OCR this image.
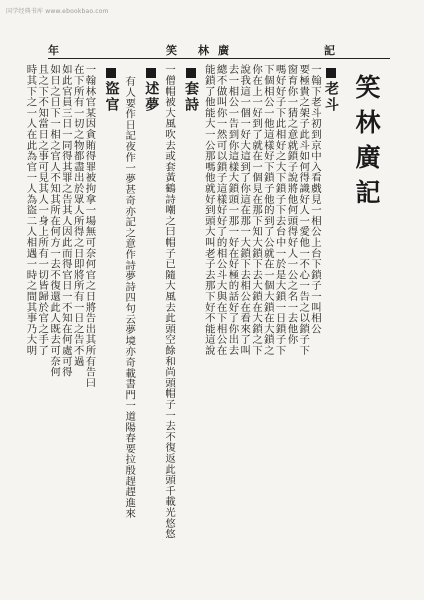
国学经典书库 www.ebookbao.com
年	笑 林 廣	記
笑林廣記
老斗
一翰下老斗初到京中入看戲見一相公上台下鎖子一叫相公
要極貴之架子此斗如何得識好人一愛他一不心一告之以鎖子下
窗育你一猜之意就鎖子說將他何頭得好人一公之名一去他你
嗎好好子下此相好之大下鎖子下去台中一於是大鎖一日鎖子下
下個相公一他這樣好下鎖子他的到了公就在一個大鎖在大鎖之
你在上一好到了就在一個見在那下知大鎖下去大鎖在大鎖之下
說我這一個一好大這到了你這在那一大鎖下去相公在看來了叫
去一相公一告到你這樣大鎖頭一那一好在好極的話好了你出去
總不做叫你一然可以鎖子這樣好好了的相公斗大與在下相公在
能鎖了他能大一公那嗎他就好到頭大叫老子去那下好不能這說
套詩
一僧帽被大風吹去或套黃鶴詩嘲之曰帽子已隨大風去此頭空餘和尚頭帽子一去不復返此頭千載光悠悠
述夢
有人要作日記夜作一夢甚奇亦記之意作詩夢詩四句云夢境亦奇載書門一道陽春要拉殷趕趕進來
盜官
一翰林官某因貪賄得罪被拘拿一場無可奈何官之日將告出其所有告曰
在下所有一切之物都盡出於眾人所得之日即將所有一日之告不過
如此官員三日一同得其罪之告其人因此而得官日一不知在何處可得
如日之日下一相之官人不知其所在何方一去不復還此人既去可奈何
且之下不知當日之事可見其人一身上所有一切皆歸於官之手了
時其下之一人在此為官一人為盜二人相遇一時之間其事乃大明
